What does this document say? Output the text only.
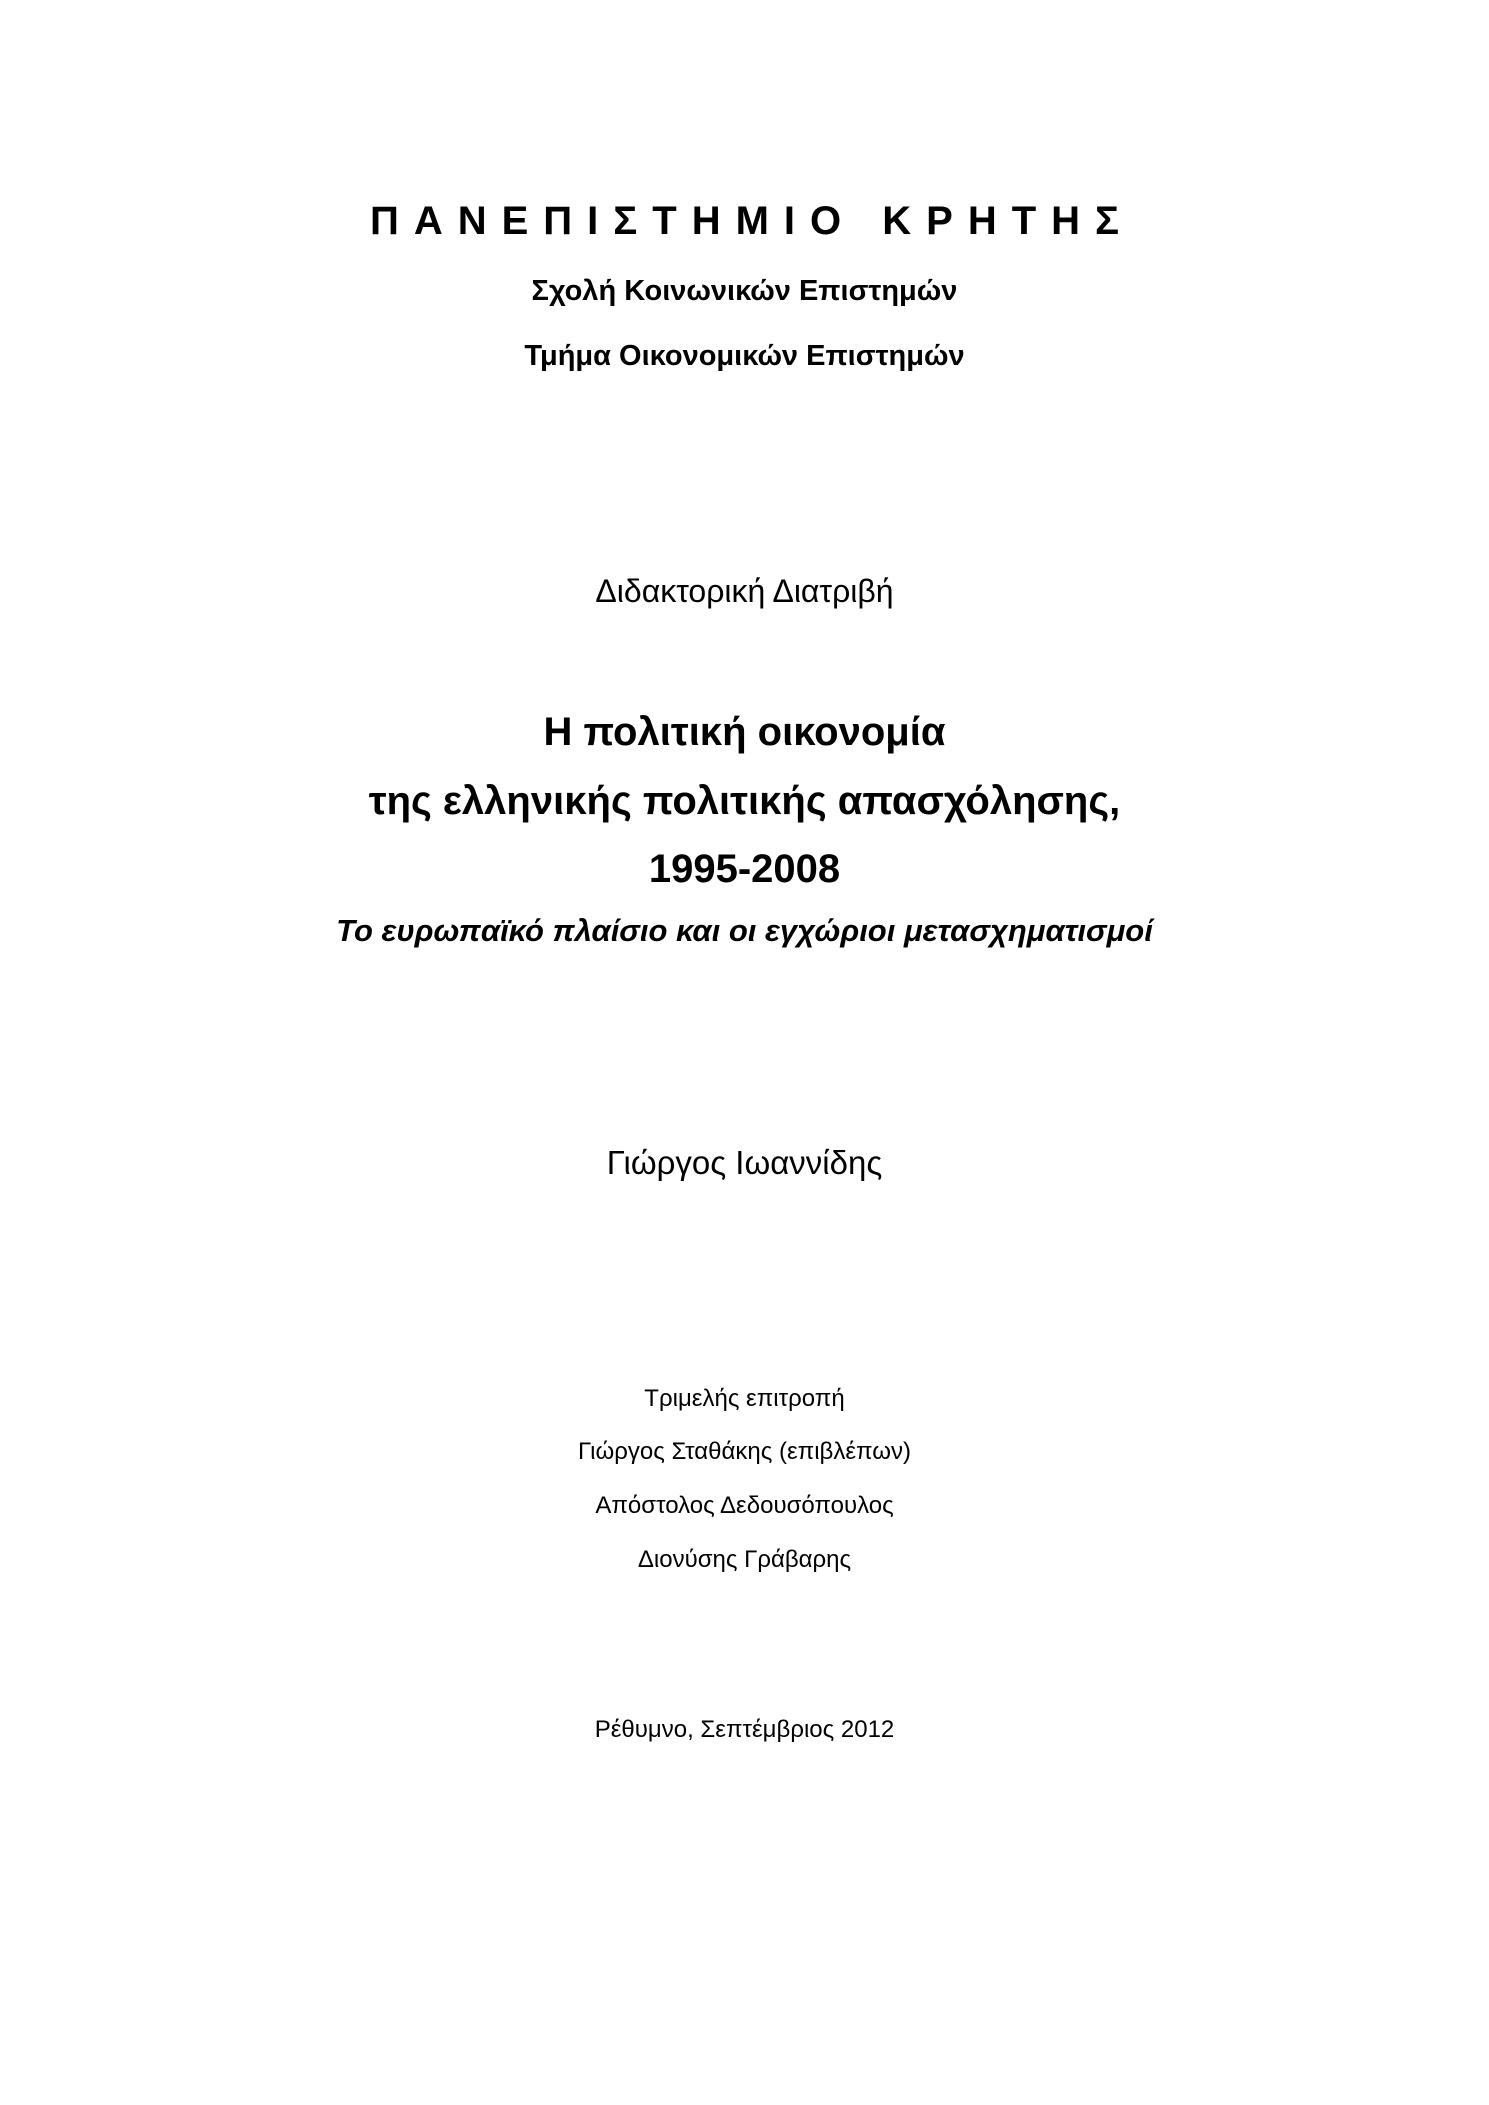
ΠΑΝΕΠΙΣΤΗΜΙΟ ΚΡΗΤΗΣ
Σχολή Κοινωνικών Επιστημών
Τμήμα Οικονομικών Επιστημών
Διδακτορική Διατριβή
Η πολιτική οικονομία
της ελληνικής πολιτικής απασχόλησης,
1995-2008
Το ευρωπαϊκό πλαίσιο και οι εγχώριοι μετασχηματισμοί
Γιώργος Ιωαννίδης
Τριμελής επιτροπή
Γιώργος Σταθάκης (επιβλέπων)
Απόστολος Δεδουσόπουλος
Διονύσης Γράβαρης
Ρέθυμνο, Σεπτέμβριος 2012
